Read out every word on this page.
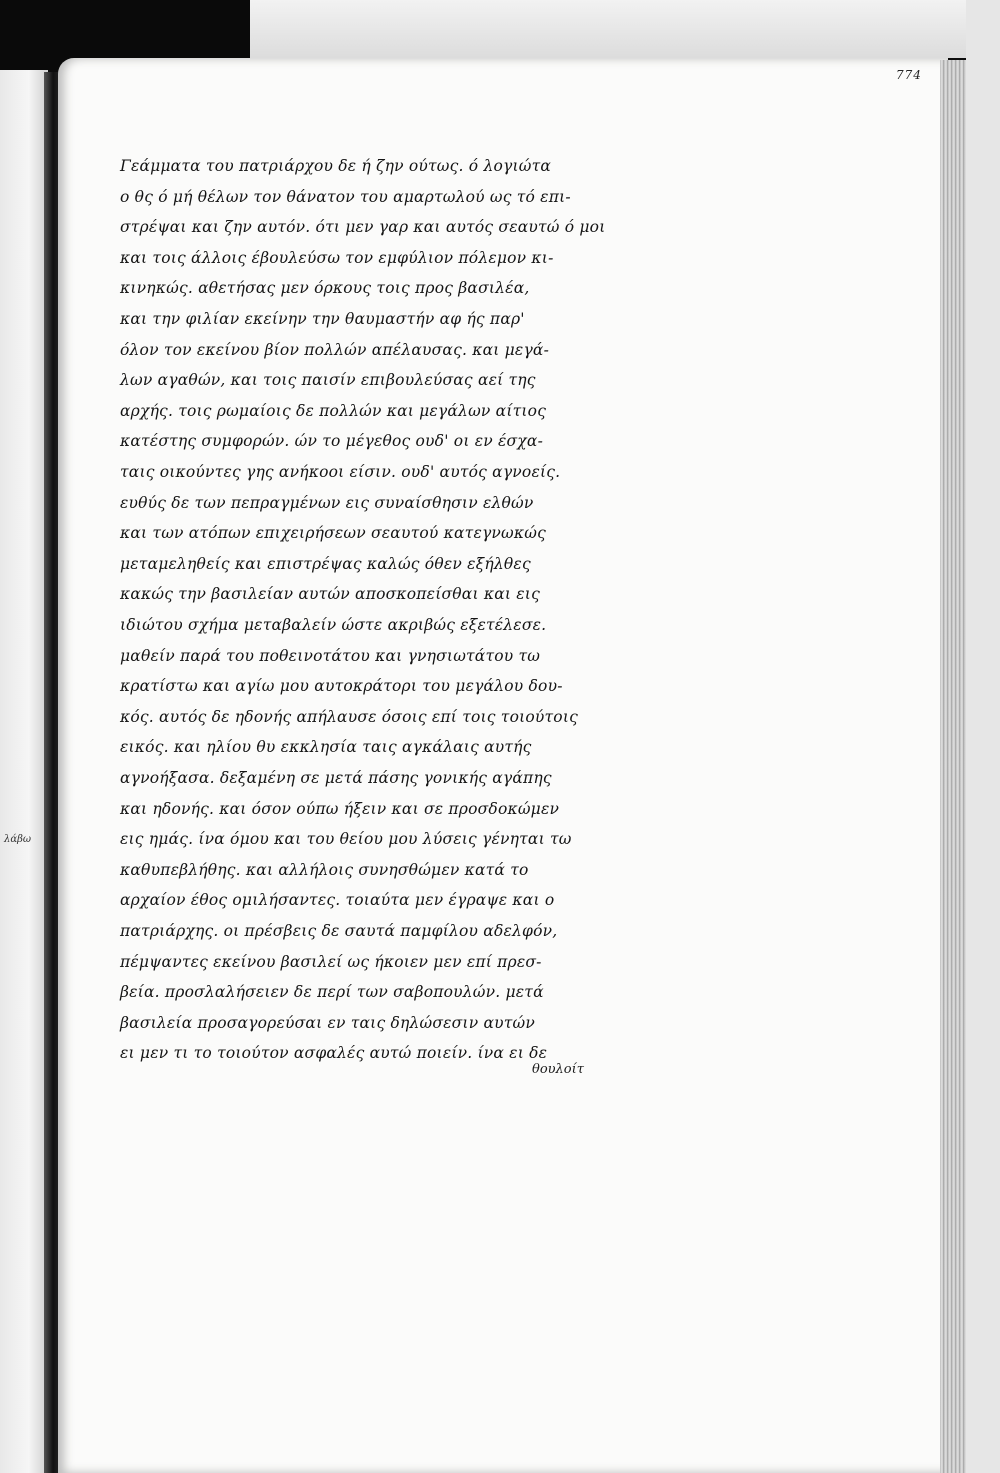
774
λάβω
Γεάμματα του πατριάρχου δε ή ζην ούτως. ό λογιώτα
ο θς ό μή θέλων τον θάνατον του αμαρτωλού ως τό επι-
στρέψαι και ζην αυτόν. ότι μεν γαρ και αυτός σεαυτώ ό μοι
και τοις άλλοις έβουλεύσω τον εμφύλιον πόλεμον κι-
κινηκώς. αθετήσας μεν όρκους τοις προς βασιλέα,
και την φιλίαν εκείνην την θαυμαστήν αφ ής παρ'
όλον τον εκείνου βίον πολλών απέλαυσας. και μεγά-
λων αγαθών, και τοις παισίν επιβουλεύσας αεί της
αρχής. τοις ρωμαίοις δε πολλών και μεγάλων αίτιος
κατέστης συμφορών. ών το μέγεθος ουδ' οι εν έσχα-
ταις οικούντες γης ανήκοοι είσιν. ουδ' αυτός αγνοείς.
ευθύς δε των πεπραγμένων εις συναίσθησιν ελθών
και των ατόπων επιχειρήσεων σεαυτού κατεγνωκώς
μεταμεληθείς και επιστρέψας καλώς όθεν εξήλθες
κακώς την βασιλείαν αυτών αποσκοπείσθαι και εις
ιδιώτου σχήμα μεταβαλείν ώστε ακριβώς εξετέλεσε.
μαθείν παρά του ποθεινοτάτου και γνησιωτάτου τω
κρατίστω και αγίω μου αυτοκράτορι του μεγάλου δου-
κός. αυτός δε ηδονής απήλαυσε όσοις επί τοις τοιούτοις
εικός. και ηλίου θυ εκκλησία ταις αγκάλαις αυτής
αγνοήξασα. δεξαμένη σε μετά πάσης γονικής αγάπης
και ηδονής. και όσον ούπω ήξειν και σε προσδοκώμεν
εις ημάς. ίνα όμου και του θείου μου λύσεις γένηται τω
καθυπεβλήθης. και αλλήλοις συνησθώμεν κατά το
αρχαίον έθος ομιλήσαντες. τοιαύτα μεν έγραψε και ο
πατριάρχης. οι πρέσβεις δε σαυτά παμφίλου αδελφόν,
πέμψαντες εκείνου βασιλεί ως ήκοιεν μεν επί πρεσ-
βεία. προσλαλήσειεν δε περί των σαβοπουλών. μετά
βασιλεία προσαγορεύσαι εν ταις δηλώσεσιν αυτών
ει μεν τι το τοιούτον ασφαλές αυτώ ποιείν. ίνα ει δε
θουλοίτ
